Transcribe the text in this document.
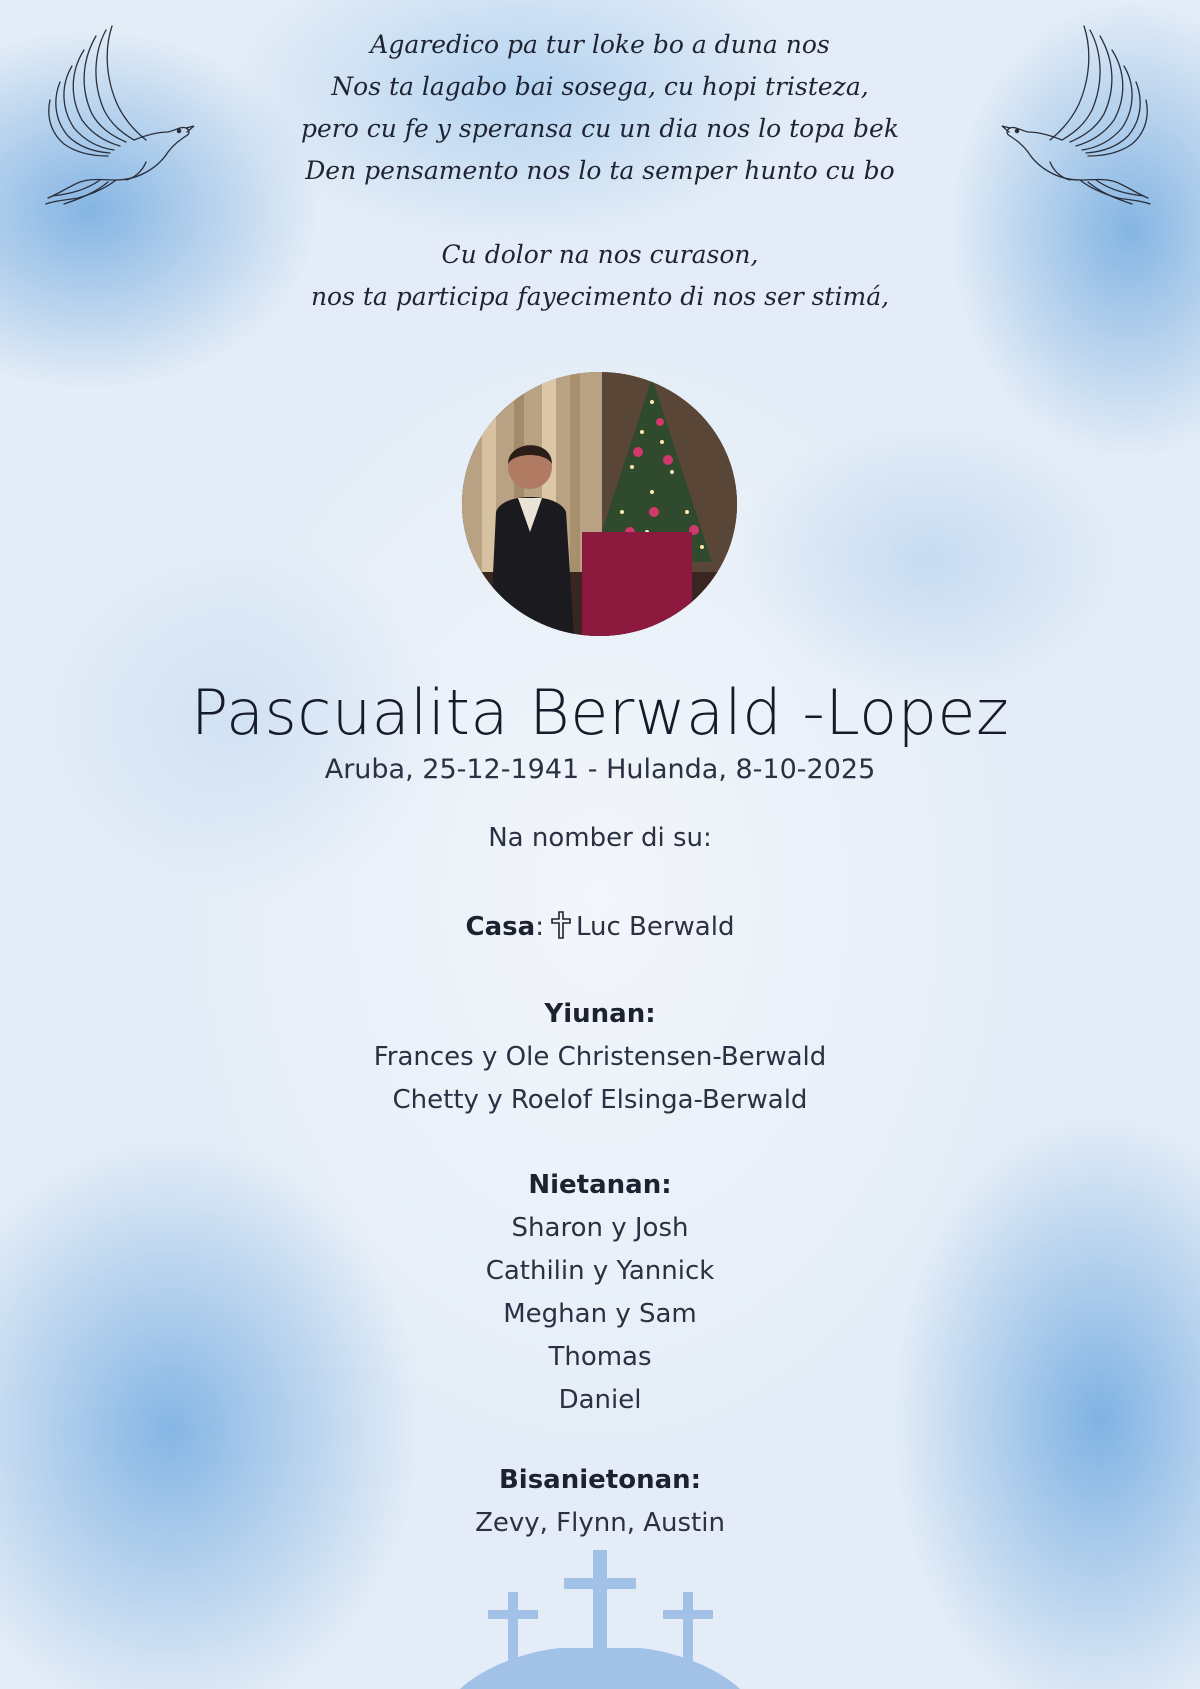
Agaredico pa tur loke bo a duna nos

Nos ta lagabo bai sosega, cu hopi tristeza,

pero cu fe y speransa cu un dia nos lo topa bek

Den pensamento nos lo ta semper hunto cu bo

Cu dolor na nos curason,

nos ta participa fayecimento di nos ser stimá,

Pascualita Berwald -Lopez
Aruba, 25-12-1941 - Hulanda, 8-10-2025
Na nomber di su:

Casa: Luc Berwald

Yiunan:

Frances y Ole Christensen-Berwald

Chetty y Roelof Elsinga-Berwald

Nietanan:

Sharon y Josh

Cathilin y Yannick

Meghan y Sam

Thomas

Daniel

Bisanietonan:

Zevy, Flynn, Austin
